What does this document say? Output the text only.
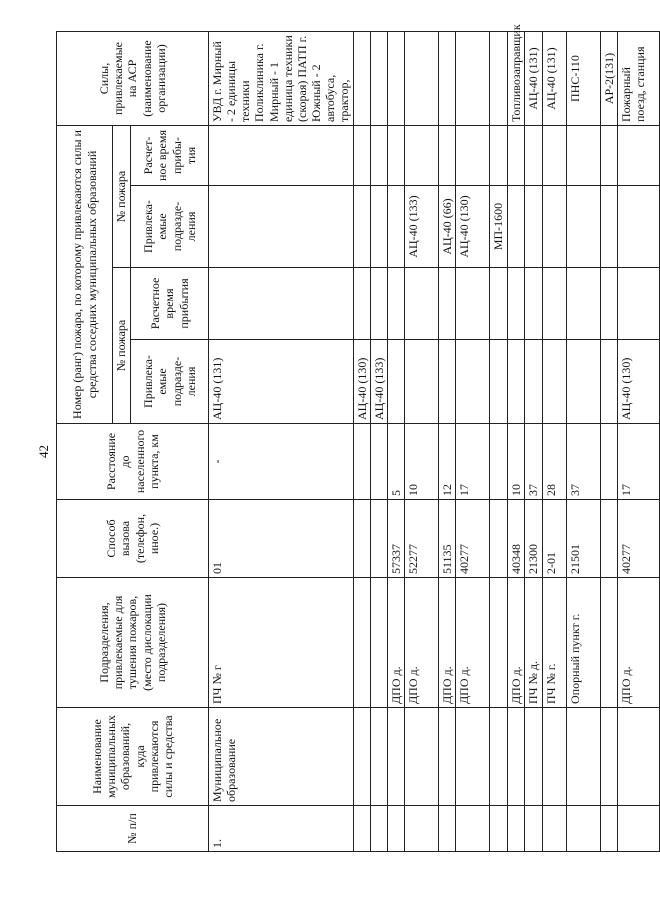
42
№ п/п	Наименование муниципальных образований, куда привлекаются силы и средства	Подразделения, привлекаемые для тушения пожаров, (место дислокации подразделения)	Способ вызова (телефон, иное.)	Расстояние до населенного пункта, км	Номер (ранг) пожара, по которому привлекаются силы и средства соседних муниципальных образований				Силы, привлекаемые на АСР (наименование организации)
					№ пожара		№ пожара		
					Привлека-емые подразде-ления	Расчетное время прибытия	Привлека-емые подразде-ления	Расчет-ное время прибы-тия	
1.	Муниципальное образование	ПЧ № г	01	-	АЦ-40 (131)				УВД г. Мирный - 2 единицы техники Поликлиника г. Мирный - 1 единица техники (скорая) ПАТП г. Южный - 2 автобуса, трактор,
					АЦ-40 (130)				
					АЦ-40 (133)				
		ДПО д.	57337	5					
		ДПО д.	52277	10			АЦ-40 (133)		
		ДПО д.	51135	12			АЦ-40 (66)		
		ДПО д.	40277	17			АЦ-40 (130)		
							МП-1600		
		ДПО д.	40348	10					Топливозаправщик
		ПЧ № д.	21300	37					АЦ-40 (131)
		ПЧ № г.	2-01	28					АЦ-40 (131)
		Опорный пункт г.	21501	37					ПНС-110
									АР-2(131)
		ДПО д.	40277	17	АЦ-40 (130)				Пожарный поезд, станция
